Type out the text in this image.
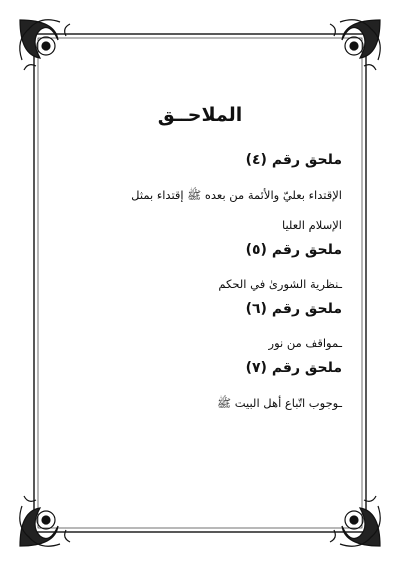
الملاحــق
ملحق رقم (٤)
الإقتداء بعليّ والأئمة من بعده ﷺ إقتداء بمثل
الإسلام العليا
ملحق رقم (٥)
ـنظرية الشورىٰ في الحكم
ملحق رقم (٦)
ـمواقف من نور
ملحق رقم (٧)
ـوجوب اتّباع أهل البيت ﷺ
